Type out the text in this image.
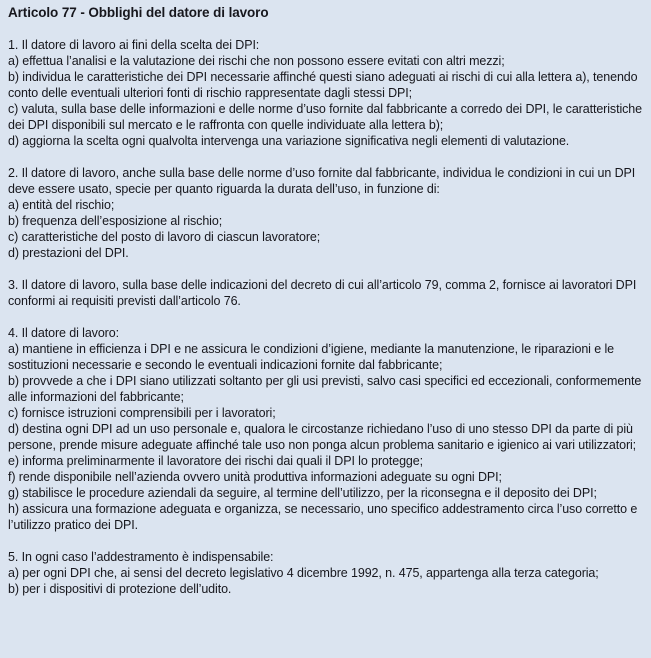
Articolo 77 - Obblighi del datore di lavoro
1. Il datore di lavoro ai fini della scelta dei DPI:
a) effettua l’analisi e la valutazione dei rischi che non possono essere evitati con altri mezzi;
b) individua le caratteristiche dei DPI necessarie affinché questi siano adeguati ai rischi di cui alla lettera a), tenendo conto delle eventuali ulteriori fonti di rischio rappresentate dagli stessi DPI;
c) valuta, sulla base delle informazioni e delle norme d’uso fornite dal fabbricante a corredo dei DPI, le caratteristiche dei DPI disponibili sul mercato e le raffronta con quelle individuate alla lettera b);
d) aggiorna la scelta ogni qualvolta intervenga una variazione significativa negli elementi di valutazione.
2. Il datore di lavoro, anche sulla base delle norme d’uso fornite dal fabbricante, individua le condizioni in cui un DPI deve essere usato, specie per quanto riguarda la durata dell’uso, in funzione di:
a) entità del rischio;
b) frequenza dell’esposizione al rischio;
c) caratteristiche del posto di lavoro di ciascun lavoratore;
d) prestazioni del DPI.
3. Il datore di lavoro, sulla base delle indicazioni del decreto di cui all’articolo 79, comma 2, fornisce ai lavoratori DPI conformi ai requisiti previsti dall’articolo 76.
4. Il datore di lavoro:
a) mantiene in efficienza i DPI e ne assicura le condizioni d’igiene, mediante la manutenzione, le riparazioni e le sostituzioni necessarie e secondo le eventuali indicazioni fornite dal fabbricante;
b) provvede a che i DPI siano utilizzati soltanto per gli usi previsti, salvo casi specifici ed eccezionali, conformemente alle informazioni del fabbricante;
c) fornisce istruzioni comprensibili per i lavoratori;
d) destina ogni DPI ad un uso personale e, qualora le circostanze richiedano l’uso di uno stesso DPI da parte di più persone, prende misure adeguate affinché tale uso non ponga alcun problema sanitario e igienico ai vari utilizzatori;
e) informa preliminarmente il lavoratore dei rischi dai quali il DPI lo protegge;
f) rende disponibile nell’azienda ovvero unità produttiva informazioni adeguate su ogni DPI;
g) stabilisce le procedure aziendali da seguire, al termine dell’utilizzo, per la riconsegna e il deposito dei DPI;
h) assicura una formazione adeguata e organizza, se necessario, uno specifico addestramento circa l’uso corretto e l’utilizzo pratico dei DPI.
5. In ogni caso l’addestramento è indispensabile:
a) per ogni DPI che, ai sensi del decreto legislativo 4 dicembre 1992, n. 475, appartenga alla terza categoria;
b) per i dispositivi di protezione dell’udito.
